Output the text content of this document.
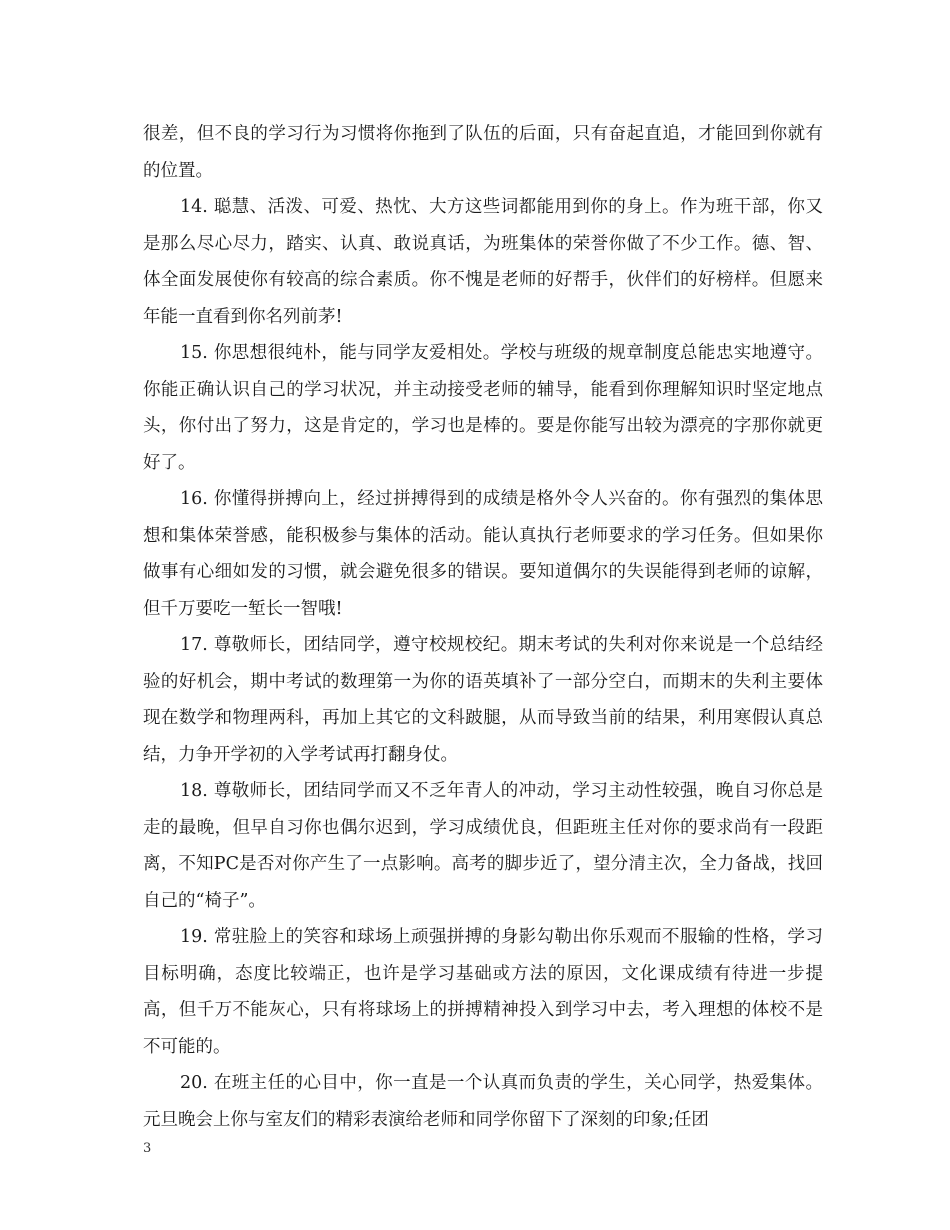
很差，但不良的学习行为习惯将你拖到了队伍的后面，只有奋起直追，才能回到你就有的位置。

14. 聪慧、活泼、可爱、热忱、大方这些词都能用到你的身上。作为班干部，你又是那么尽心尽力，踏实、认真、敢说真话，为班集体的荣誉你做了不少工作。德、智、体全面发展使你有较高的综合素质。你不愧是老师的好帮手，伙伴们的好榜样。但愿来年能一直看到你名列前茅!

15. 你思想很纯朴，能与同学友爱相处。学校与班级的规章制度总能忠实地遵守。你能正确认识自己的学习状况，并主动接受老师的辅导，能看到你理解知识时坚定地点头，你付出了努力，这是肯定的，学习也是棒的。要是你能写出较为漂亮的字那你就更好了。

16. 你懂得拼搏向上，经过拼搏得到的成绩是格外令人兴奋的。你有强烈的集体思想和集体荣誉感，能积极参与集体的活动。能认真执行老师要求的学习任务。但如果你做事有心细如发的习惯，就会避免很多的错误。要知道偶尔的失误能得到老师的谅解，但千万要吃一堑长一智哦!

17. 尊敬师长，团结同学，遵守校规校纪。期末考试的失利对你来说是一个总结经验的好机会，期中考试的数理第一为你的语英填补了一部分空白，而期末的失利主要体现在数学和物理两科，再加上其它的文科跛腿，从而导致当前的结果，利用寒假认真总结，力争开学初的入学考试再打翻身仗。

18. 尊敬师长，团结同学而又不乏年青人的冲动，学习主动性较强，晚自习你总是走的最晚，但早自习你也偶尔迟到，学习成绩优良，但距班主任对你的要求尚有一段距离，不知PC是否对你产生了一点影响。高考的脚步近了，望分清主次，全力备战，找回自己的“椅子”。

19. 常驻脸上的笑容和球场上顽强拼搏的身影勾勒出你乐观而不服输的性格，学习目标明确，态度比较端正，也许是学习基础或方法的原因，文化课成绩有待进一步提高，但千万不能灰心，只有将球场上的拼搏精神投入到学习中去，考入理想的体校不是不可能的。

20. 在班主任的心目中，你一直是一个认真而负责的学生，关心同学，热爱集体。元旦晚会上你与室友们的精彩表演给老师和同学你留下了深刻的印象;任团

3
